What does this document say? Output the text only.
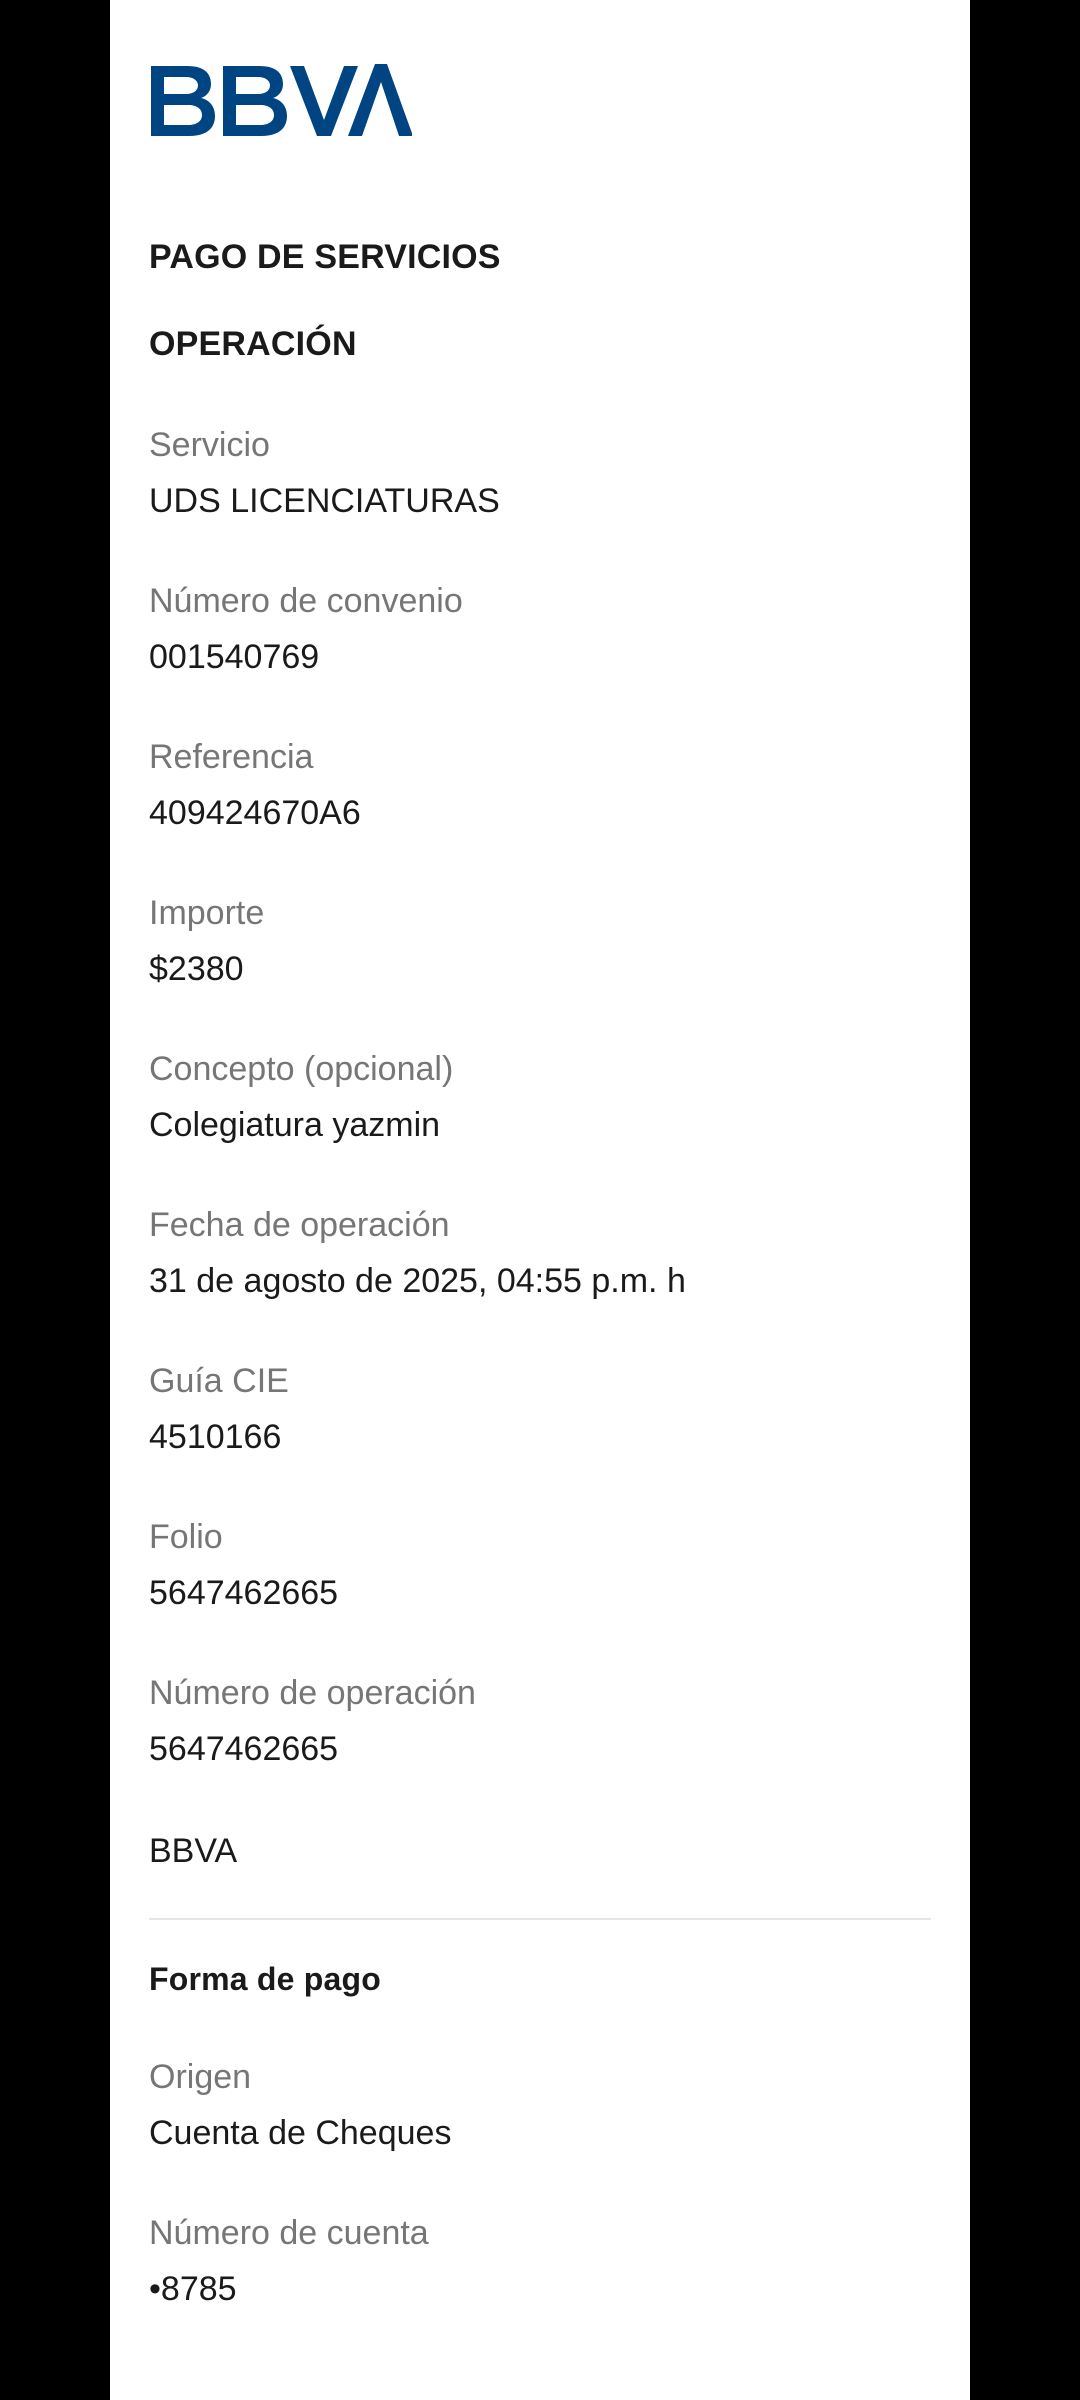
PAGO DE SERVICIOS
OPERACIÓN
Servicio
UDS LICENCIATURAS
Número de convenio
001540769
Referencia
409424670A6
Importe
$2380
Concepto (opcional)
Colegiatura yazmin
Fecha de operación
31 de agosto de 2025, 04:55 p.m. h
Guía CIE
4510166
Folio
5647462665
Número de operación
5647462665
BBVA
Forma de pago
Origen
Cuenta de Cheques
Número de cuenta
•8785
